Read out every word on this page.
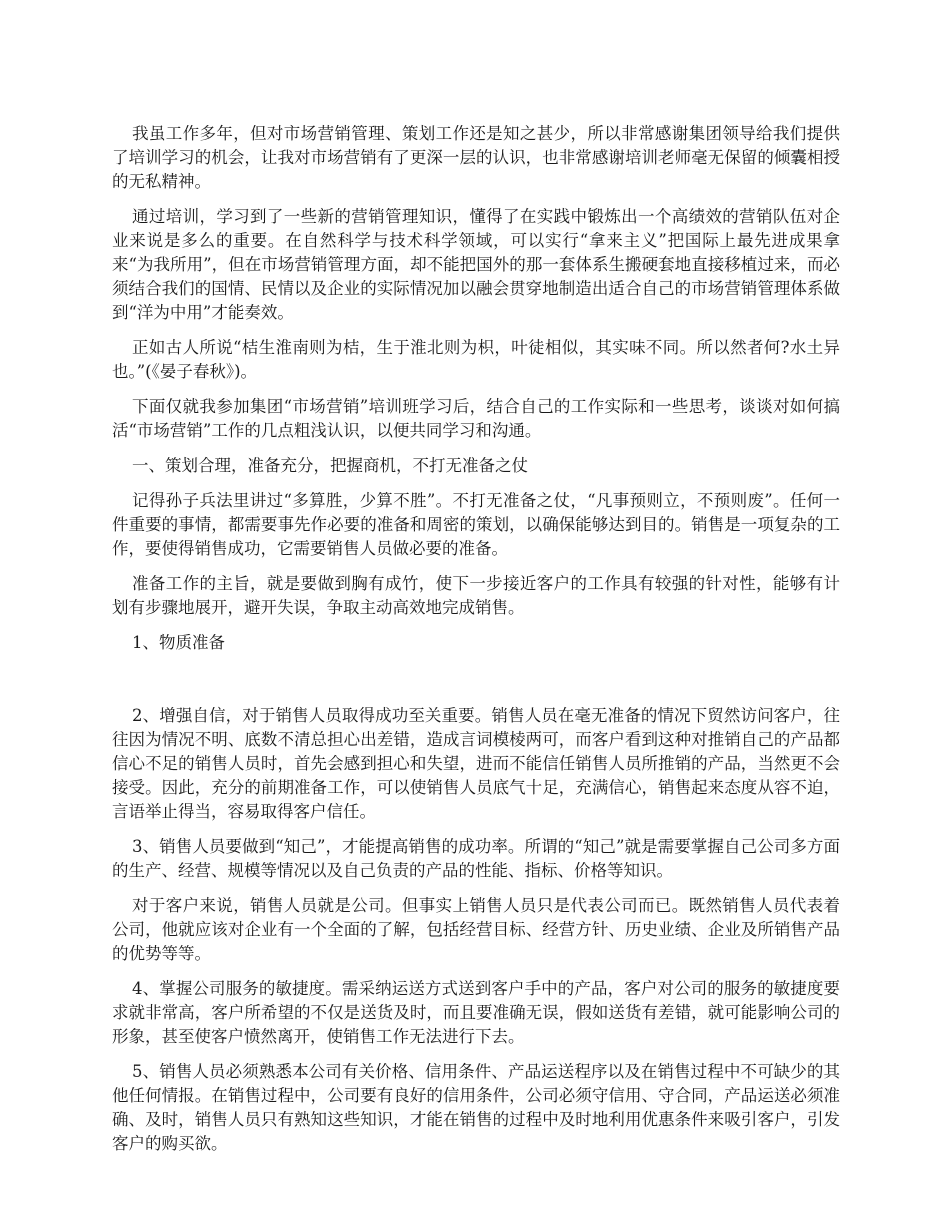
我虽工作多年，但对市场营销管理、策划工作还是知之甚少，所以非常感谢集团领导给我们提供了培训学习的机会，让我对市场营销有了更深一层的认识，也非常感谢培训老师毫无保留的倾囊相授的无私精神。

通过培训，学习到了一些新的营销管理知识，懂得了在实践中锻炼出一个高绩效的营销队伍对企业来说是多么的重要。在自然科学与技术科学领域，可以实行“拿来主义”把国际上最先进成果拿来“为我所用”，但在市场营销管理方面，却不能把国外的那一套体系生搬硬套地直接移植过来，而必须结合我们的国情、民情以及企业的实际情况加以融会贯穿地制造出适合自己的市场营销管理体系做到“洋为中用”才能奏效。

正如古人所说“桔生淮南则为桔，生于淮北则为枳，叶徒相似，其实味不同。所以然者何?水土异也。”(《晏子春秋》)。

下面仅就我参加集团“市场营销”培训班学习后，结合自己的工作实际和一些思考，谈谈对如何搞活“市场营销”工作的几点粗浅认识，以便共同学习和沟通。

一、策划合理，准备充分，把握商机，不打无准备之仗

记得孙子兵法里讲过“多算胜，少算不胜”。不打无准备之仗，“凡事预则立，不预则废”。任何一件重要的事情，都需要事先作必要的准备和周密的策划，以确保能够达到目的。销售是一项复杂的工作，要使得销售成功，它需要销售人员做必要的准备。

准备工作的主旨，就是要做到胸有成竹，使下一步接近客户的工作具有较强的针对性，能够有计划有步骤地展开，避开失误，争取主动高效地完成销售。

1、物质准备

2、增强自信，对于销售人员取得成功至关重要。销售人员在毫无准备的情况下贸然访问客户，往往因为情况不明、底数不清总担心出差错，造成言词模棱两可，而客户看到这种对推销自己的产品都信心不足的销售人员时，首先会感到担心和失望，进而不能信任销售人员所推销的产品，当然更不会接受。因此，充分的前期准备工作，可以使销售人员底气十足，充满信心，销售起来态度从容不迫，言语举止得当，容易取得客户信任。

3、销售人员要做到“知己”，才能提高销售的成功率。所谓的“知己”就是需要掌握自己公司多方面的生产、经营、规模等情况以及自己负责的产品的性能、指标、价格等知识。

对于客户来说，销售人员就是公司。但事实上销售人员只是代表公司而已。既然销售人员代表着公司，他就应该对企业有一个全面的了解，包括经营目标、经营方针、历史业绩、企业及所销售产品的优势等等。

4、掌握公司服务的敏捷度。需采纳运送方式送到客户手中的产品，客户对公司的服务的敏捷度要求就非常高，客户所希望的不仅是送货及时，而且要准确无误，假如送货有差错，就可能影响公司的形象，甚至使客户愤然离开，使销售工作无法进行下去。

5、销售人员必须熟悉本公司有关价格、信用条件、产品运送程序以及在销售过程中不可缺少的其他任何情报。在销售过程中，公司要有良好的信用条件，公司必须守信用、守合同，产品运送必须准确、及时，销售人员只有熟知这些知识，才能在销售的过程中及时地利用优惠条件来吸引客户，引发客户的购买欲。
